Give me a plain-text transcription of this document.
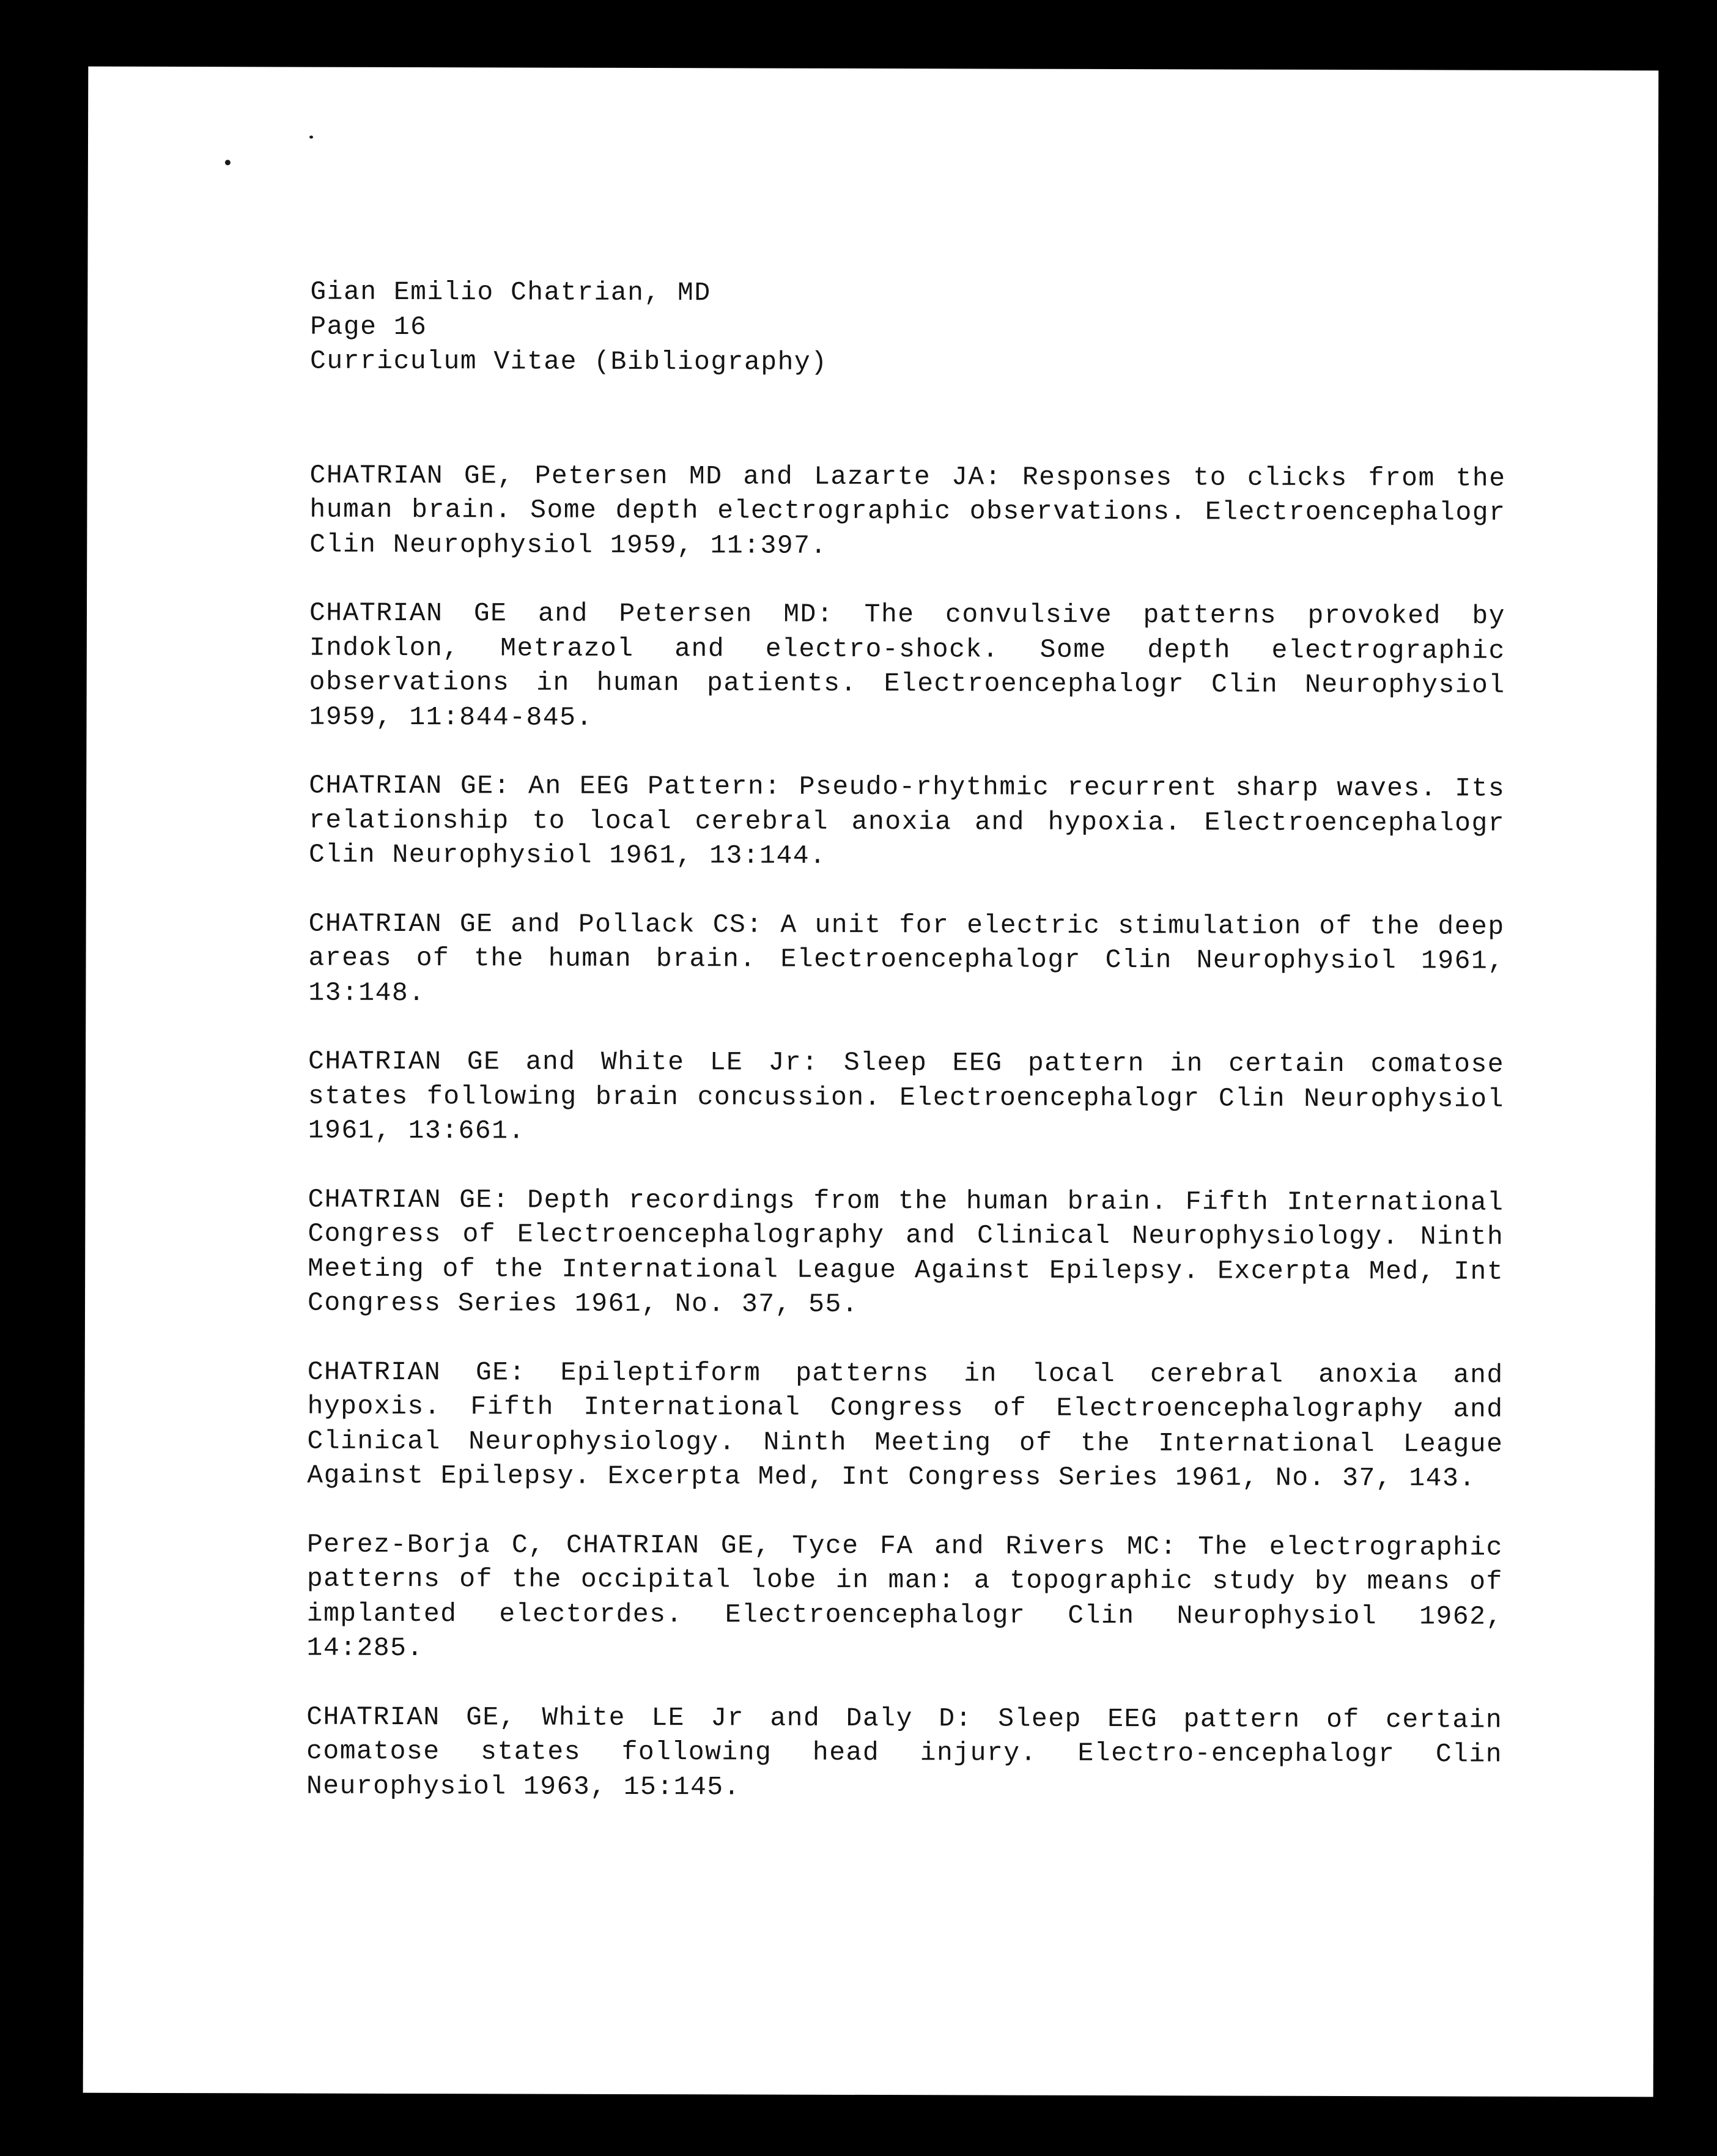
Gian Emilio Chatrian, MD
Page 16
Curriculum Vitae (Bibliography)

CHATRIAN GE, Petersen MD and Lazarte JA: Responses to clicks from the human brain. Some depth electrographic observations. Electroencephalogr Clin Neurophysiol 1959, 11:397.

CHATRIAN GE and Petersen MD: The convulsive patterns provoked by Indoklon, Metrazol and electro-shock. Some depth electrographic observations in human patients. Electroencephalogr Clin Neurophysiol 1959, 11:844-845.

CHATRIAN GE: An EEG Pattern: Pseudo-rhythmic recurrent sharp waves. Its relationship to local cerebral anoxia and hypoxia. Electroencephalogr Clin Neurophysiol 1961, 13:144.

CHATRIAN GE and Pollack CS: A unit for electric stimulation of the deep areas of the human brain. Electroencephalogr Clin Neurophysiol 1961, 13:148.

CHATRIAN GE and White LE Jr: Sleep EEG pattern in certain comatose states following brain concussion. Electroencephalogr Clin Neurophysiol 1961, 13:661.

CHATRIAN GE: Depth recordings from the human brain. Fifth International Congress of Electroencephalography and Clinical Neurophysiology. Ninth Meeting of the International League Against Epilepsy. Excerpta Med, Int Congress Series 1961, No. 37, 55.

CHATRIAN GE: Epileptiform patterns in local cerebral anoxia and hypoxis. Fifth International Congress of Electroencephalography and Clinical Neurophysiology. Ninth Meeting of the International League Against Epilepsy. Excerpta Med, Int Congress Series 1961, No. 37, 143.

Perez-Borja C, CHATRIAN GE, Tyce FA and Rivers MC: The electrographic patterns of the occipital lobe in man: a topographic study by means of implanted electordes. Electroencephalogr Clin Neurophysiol 1962, 14:285.

CHATRIAN GE, White LE Jr and Daly D: Sleep EEG pattern of certain comatose states following head injury. Electro-encephalogr Clin Neurophysiol 1963, 15:145.
